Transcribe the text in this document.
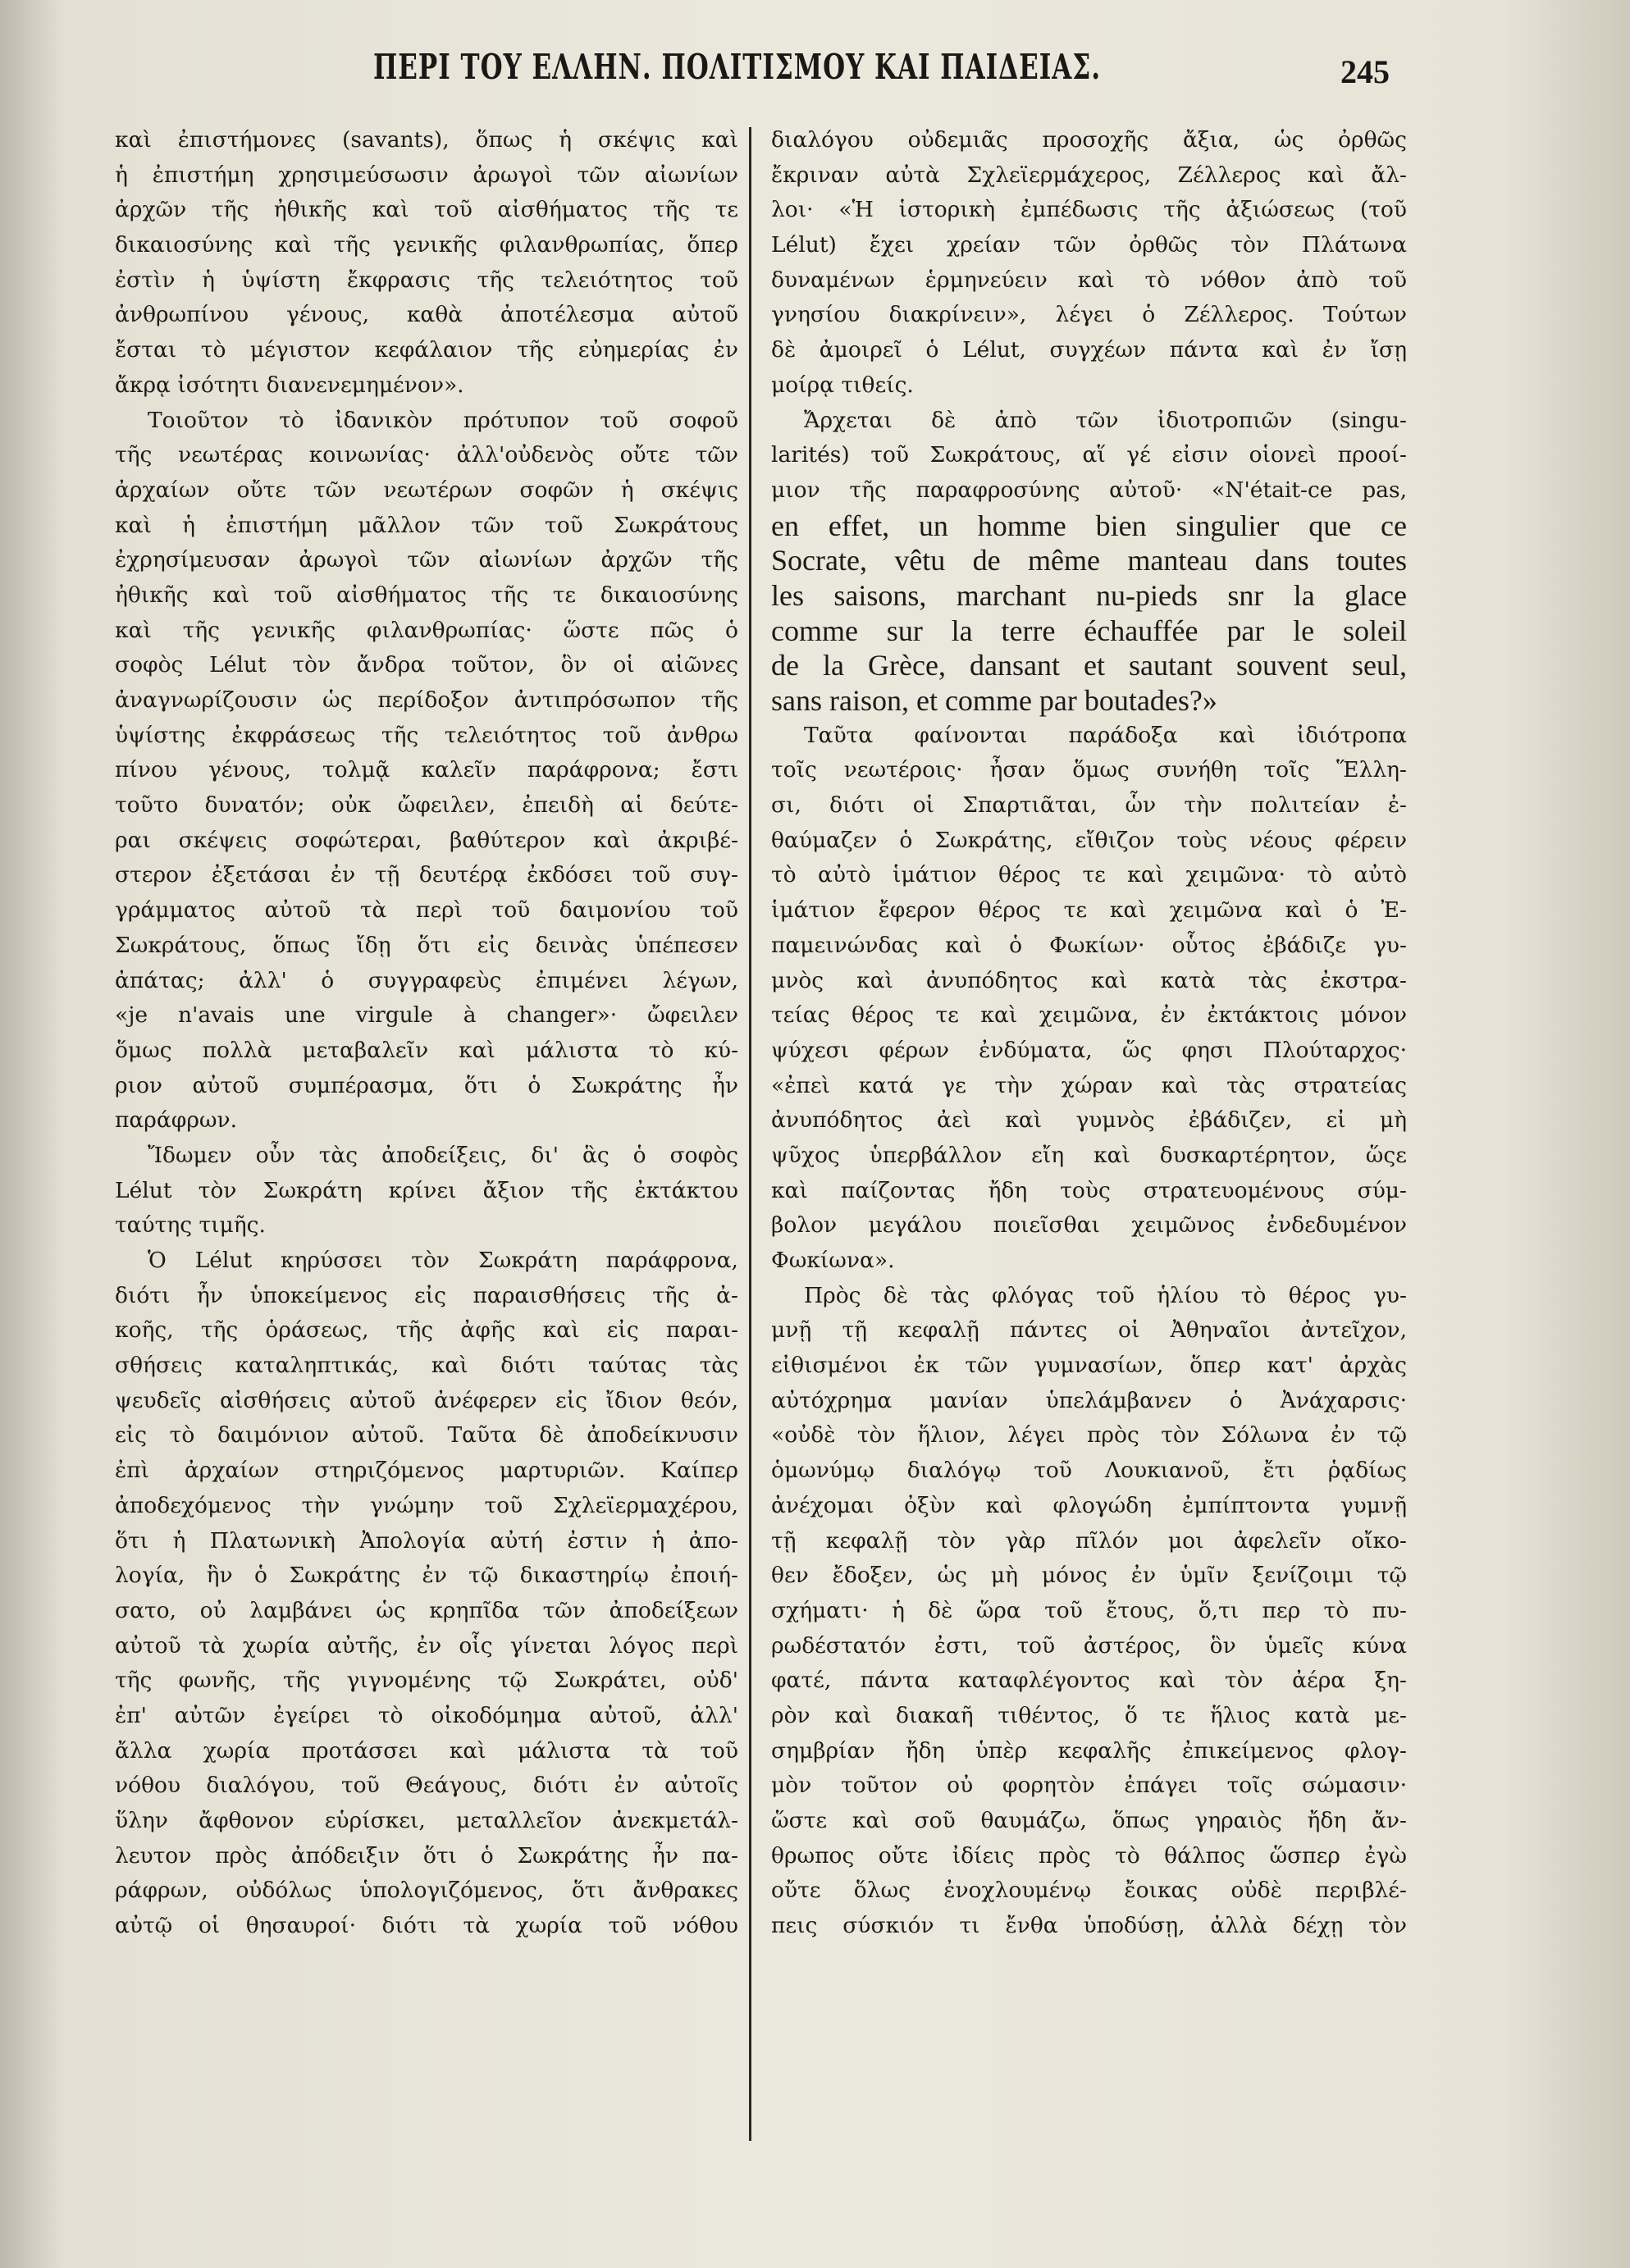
ΠΕΡΙ ΤΟΥ ΕΛΛΗΝ. ΠΟΛΙΤΙΣΜΟΥ ΚΑΙ ΠΑΙΔΕΙΑΣ.	245
καὶ ἐπιστήμονες (savants), ὅπως ἡ σκέψις καὶ
ἡ ἐπιστήμη χρησιμεύσωσιν ἀρωγοὶ τῶν αἰωνίων
ἀρχῶν τῆς ἠθικῆς καὶ τοῦ αἰσθήματος τῆς τε
δικαιοσύνης καὶ τῆς γενικῆς φιλανθρωπίας, ὅπερ
ἐστὶν ἡ ὑψίστη ἔκφρασις τῆς τελειότητος τοῦ
ἀνθρωπίνου γένους, καθὰ ἀποτέλεσμα αὐτοῦ
ἔσται τὸ μέγιστον κεφάλαιον τῆς εὐημερίας ἐν
ἄκρᾳ ἰσότητι διανενεμημένον».
Τοιοῦτον τὸ ἰδανικὸν πρότυπον τοῦ σοφοῦ
τῆς νεωτέρας κοινωνίας· ἀλλ'οὐδενὸς οὔτε τῶν
ἀρχαίων οὔτε τῶν νεωτέρων σοφῶν ἡ σκέψις
καὶ ἡ ἐπιστήμη μᾶλλον τῶν τοῦ Σωκράτους
ἐχρησίμευσαν ἀρωγοὶ τῶν αἰωνίων ἀρχῶν τῆς
ἠθικῆς καὶ τοῦ αἰσθήματος τῆς τε δικαιοσύνης
καὶ τῆς γενικῆς φιλανθρωπίας· ὥστε πῶς ὁ
σοφὸς Lélut τὸν ἄνδρα τοῦτον, ὃν οἱ αἰῶνες
ἀναγνωρίζουσιν ὡς περίδοξον ἀντιπρόσωπον τῆς
ὑψίστης ἐκφράσεως τῆς τελειότητος τοῦ ἀνθρω
πίνου γένους, τολμᾷ καλεῖν παράφρονα; ἔστι
τοῦτο δυνατόν; οὐκ ὤφειλεν, ἐπειδὴ αἱ δεύτε-
ραι σκέψεις σοφώτεραι, βαθύτερον καὶ ἀκριβέ-
στερον ἐξετάσαι ἐν τῇ δευτέρᾳ ἐκδόσει τοῦ συγ-
γράμματος αὐτοῦ τὰ περὶ τοῦ δαιμονίου τοῦ
Σωκράτους, ὅπως ἴδῃ ὅτι εἰς δεινὰς ὑπέπεσεν
ἀπάτας; ἀλλ' ὁ συγγραφεὺς ἐπιμένει λέγων,
«je n'avais une virgule à changer»· ὤφειλεν
ὅμως πολλὰ μεταβαλεῖν καὶ μάλιστα τὸ κύ-
ριον αὐτοῦ συμπέρασμα, ὅτι ὁ Σωκράτης ἦν
παράφρων.
Ἴδωμεν οὖν τὰς ἀποδείξεις, δι' ἃς ὁ σοφὸς
Lélut τὸν Σωκράτη κρίνει ἄξιον τῆς ἐκτάκτου
ταύτης τιμῆς.
Ὁ Lélut κηρύσσει τὸν Σωκράτη παράφρονα,
διότι ἦν ὑποκείμενος εἰς παραισθήσεις τῆς ἀ-
κοῆς, τῆς ὁράσεως, τῆς ἀφῆς καὶ εἰς παραι-
σθήσεις καταληπτικάς, καὶ διότι ταύτας τὰς
ψευδεῖς αἰσθήσεις αὐτοῦ ἀνέφερεν εἰς ἴδιον θεόν,
εἰς τὸ δαιμόνιον αὐτοῦ. Ταῦτα δὲ ἀποδείκνυσιν
ἐπὶ ἀρχαίων στηριζόμενος μαρτυριῶν. Καίπερ
ἀποδεχόμενος τὴν γνώμην τοῦ Σχλεϊερμαχέρου,
ὅτι ἡ Πλατωνικὴ Ἀπολογία αὐτή ἐστιν ἡ ἀπο-
λογία, ἣν ὁ Σωκράτης ἐν τῷ δικαστηρίῳ ἐποιή-
σατο, οὐ λαμβάνει ὡς κρηπῖδα τῶν ἀποδείξεων
αὐτοῦ τὰ χωρία αὐτῆς, ἐν οἷς γίνεται λόγος περὶ
τῆς φωνῆς, τῆς γιγνομένης τῷ Σωκράτει, οὐδ'
ἐπ' αὐτῶν ἐγείρει τὸ οἰκοδόμημα αὐτοῦ, ἀλλ'
ἄλλα χωρία προτάσσει καὶ μάλιστα τὰ τοῦ
νόθου διαλόγου, τοῦ Θεάγους, διότι ἐν αὐτοῖς
ὕλην ἄφθονον εὑρίσκει, μεταλλεῖον ἀνεκμετάλ-
λευτον πρὸς ἀπόδειξιν ὅτι ὁ Σωκράτης ἦν πα-
ράφρων, οὐδόλως ὑπολογιζόμενος, ὅτι ἄνθρακες
αὐτῷ οἱ θησαυροί· διότι τὰ χωρία τοῦ νόθου
διαλόγου οὐδεμιᾶς προσοχῆς ἄξια, ὡς ὀρθῶς
ἔκριναν αὐτὰ Σχλεϊερμάχερος, Ζέλλερος καὶ ἄλ-
λοι· «Ἡ ἱστορικὴ ἐμπέδωσις τῆς ἀξιώσεως (τοῦ
Lélut) ἔχει χρείαν τῶν ὀρθῶς τὸν Πλάτωνα
δυναμένων ἑρμηνεύειν καὶ τὸ νόθον ἀπὸ τοῦ
γνησίου διακρίνειν», λέγει ὁ Ζέλλερος. Τούτων
δὲ ἀμοιρεῖ ὁ Lélut, συγχέων πάντα καὶ ἐν ἴσῃ
μοίρᾳ τιθείς.
Ἄρχεται δὲ ἀπὸ τῶν ἰδιοτροπιῶν (singu-
larités) τοῦ Σωκράτους, αἵ γέ εἰσιν οἱονεὶ προοί-
μιον τῆς παραφροσύνης αὐτοῦ· «N'était-ce pas,
en effet, un homme bien singulier que ce
Socrate, vêtu de même manteau dans toutes
les saisons, marchant nu-pieds snr la glace
comme sur la terre échauffée par le soleil
de la Grèce, dansant et sautant souvent seul,
sans raison, et comme par boutades?»
Ταῦτα φαίνονται παράδοξα καὶ ἰδιότροπα
τοῖς νεωτέροις· ἦσαν ὅμως συνήθη τοῖς Ἕλλη-
σι, διότι οἱ Σπαρτιᾶται, ὧν τὴν πολιτείαν ἐ-
θαύμαζεν ὁ Σωκράτης, εἴθιζον τοὺς νέους φέρειν
τὸ αὐτὸ ἱμάτιον θέρος τε καὶ χειμῶνα· τὸ αὐτὸ
ἱμάτιον ἔφερον θέρος τε καὶ χειμῶνα καὶ ὁ Ἐ-
παμεινώνδας καὶ ὁ Φωκίων· οὗτος ἐβάδιζε γυ-
μνὸς καὶ ἀνυπόδητος καὶ κατὰ τὰς ἐκστρα-
τείας θέρος τε καὶ χειμῶνα, ἐν ἐκτάκτοις μόνον
ψύχεσι φέρων ἐνδύματα, ὥς φησι Πλούταρχος·
«ἐπεὶ κατά γε τὴν χώραν καὶ τὰς στρατείας
ἀνυπόδητος ἀεὶ καὶ γυμνὸς ἐβάδιζεν, εἰ μὴ
ψῦχος ὑπερβάλλον εἴη καὶ δυσκαρτέρητον, ὥςε
καὶ παίζοντας ἤδη τοὺς στρατευομένους σύμ-
βολον μεγάλου ποιεῖσθαι χειμῶνος ἐνδεδυμένον
Φωκίωνα».
Πρὸς δὲ τὰς φλόγας τοῦ ἡλίου τὸ θέρος γυ-
μνῇ τῇ κεφαλῇ πάντες οἱ Ἀθηναῖοι ἀντεῖχον,
εἰθισμένοι ἐκ τῶν γυμνασίων, ὅπερ κατ' ἀρχὰς
αὐτόχρημα μανίαν ὑπελάμβανεν ὁ Ἀνάχαρσις·
«οὐδὲ τὸν ἥλιον, λέγει πρὸς τὸν Σόλωνα ἐν τῷ
ὁμωνύμῳ διαλόγῳ τοῦ Λουκιανοῦ, ἔτι ῥᾳδίως
ἀνέχομαι ὀξὺν καὶ φλογώδη ἐμπίπτοντα γυμνῇ
τῇ κεφαλῇ τὸν γὰρ πῖλόν μοι ἀφελεῖν οἴκο-
θεν ἔδοξεν, ὡς μὴ μόνος ἐν ὑμῖν ξενίζοιμι τῷ
σχήματι· ἡ δὲ ὥρα τοῦ ἔτους, ὅ,τι περ τὸ πυ-
ρωδέστατόν ἐστι, τοῦ ἀστέρος, ὃν ὑμεῖς κύνα
φατέ, πάντα καταφλέγοντος καὶ τὸν ἀέρα ξη-
ρὸν καὶ διακαῆ τιθέντος, ὅ τε ἥλιος κατὰ με-
σημβρίαν ἤδη ὑπὲρ κεφαλῆς ἐπικείμενος φλογ-
μὸν τοῦτον οὐ φορητὸν ἐπάγει τοῖς σώμασιν·
ὥστε καὶ σοῦ θαυμάζω, ὅπως γηραιὸς ἤδη ἄν-
θρωπος οὔτε ἰδίεις πρὸς τὸ θάλπος ὥσπερ ἐγὼ
οὔτε ὅλως ἐνοχλουμένῳ ἔοικας οὐδὲ περιβλέ-
πεις σύσκιόν τι ἔνθα ὑποδύσῃ, ἀλλὰ δέχῃ τὸν
